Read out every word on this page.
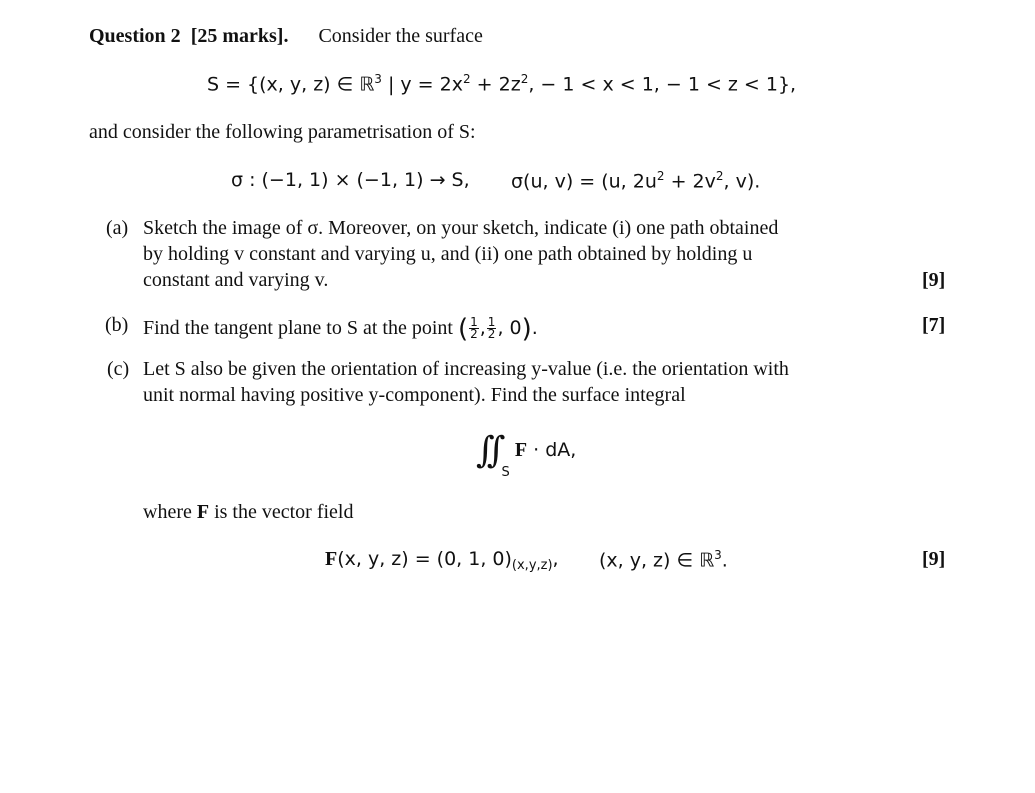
Question 2 [25 marks]. Consider the surface
S = {(x, y, z) ∈ ℝ$^3$ | $y = 2x^2 + 2z^2$, − 1 < x < 1, − 1 < z < 1},
and consider the following parametrisation of S:
σ : (−1, 1) × (−1, 1) → S, σ(u, v) = (u, $2u^2 + 2v^2$, v).
(a) Sketch the image of σ. Moreover, on your sketch, indicate (i) one path obtained
by holding v constant and varying u, and (ii) one path obtained by holding u
constant and varying v.	[9]
(b) Find the tangent plane to S at the point ( $\frac{1}{2}$ , $\frac{1}{2}$ , 0).	[7]
(c) Let S also be given the orientation of increasing y-value (i.e. the orientation with
unit normal having positive y-component). Find the surface integral
$\int\int_S$ F · dA,
where F is the vector field
F(x, y, z) = (0, 1, $0)_{(x,y,z)}$, (x, y, z) ∈ ℝ$^3$.	[9]
